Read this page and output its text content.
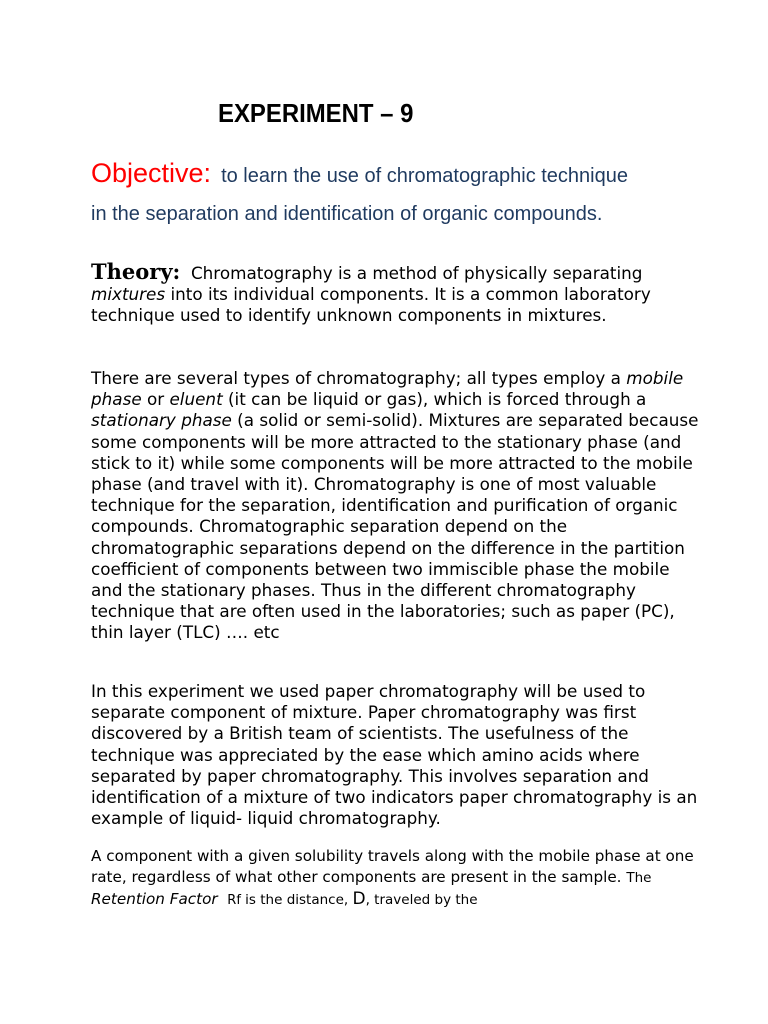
EXPERIMENT – 9
Objective: to learn the use of chromatographic technique
in the separation and identification of organic compounds.
Theory: Chromatography is a method of physically separating mixtures into its individual components. It is a common laboratory technique used to identify unknown components in mixtures.
There are several types of chromatography; all types employ a mobile phase or eluent (it can be liquid or gas), which is forced through a stationary phase (a solid or semi-solid). Mixtures are separated because some components will be more attracted to the stationary phase (and stick to it) while some components will be more attracted to the mobile phase (and travel with it). Chromatography is one of most valuable technique for the separation, identification and purification of organic compounds. Chromatographic separation depend on the chromatographic separations depend on the difference in the partition coefficient of components between two immiscible phase the mobile and the stationary phases. Thus in the different chromatography technique that are often used in the laboratories; such as paper (PC), thin layer (TLC) …. etc
In this experiment we used paper chromatography will be used to separate component of mixture. Paper chromatography was first discovered by a British team of scientists. The usefulness of the technique was appreciated by the ease which amino acids where separated by paper chromatography. This involves separation and identification of a mixture of two indicators paper chromatography is an example of liquid- liquid chromatography.
A component with a given solubility travels along with the mobile phase at one rate, regardless of what other components are present in the sample. The Retention Factor Rf is the distance, D, traveled by the
